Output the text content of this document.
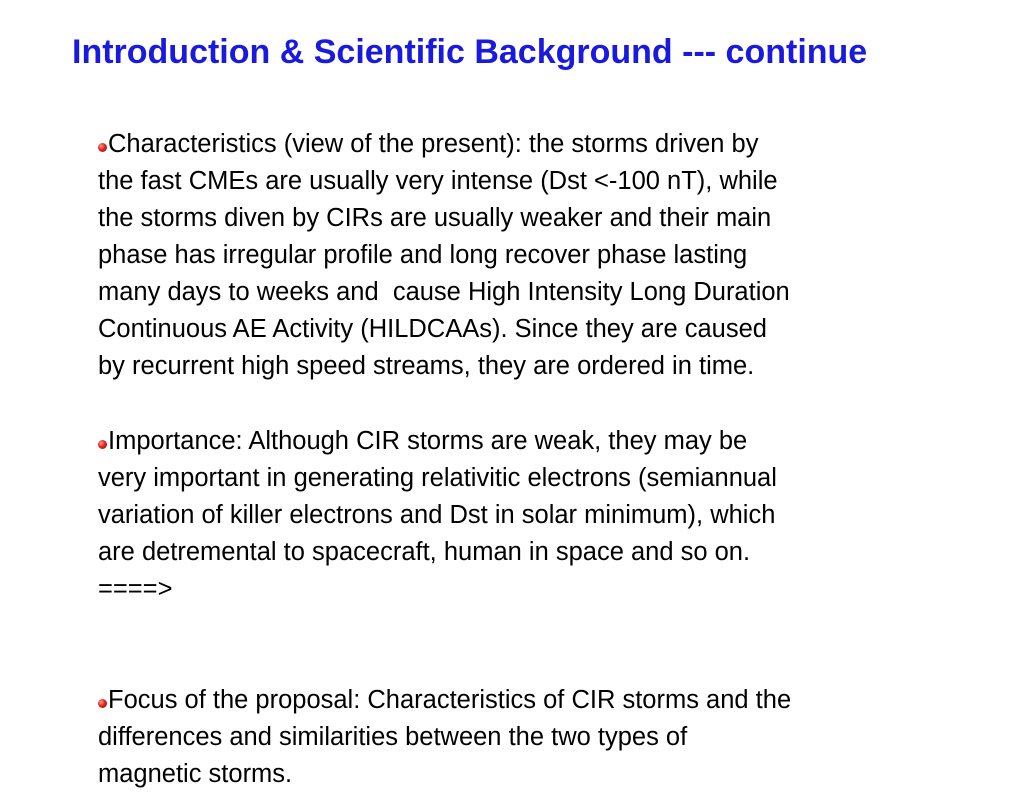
Introduction & Scientific Background --- continue
Characteristics (view of the present): the storms driven by
the fast CMEs are usually very intense (Dst <-100 nT), while
the storms diven by CIRs are usually weaker and their main
phase has irregular profile and long recover phase lasting
many days to weeks and  cause High Intensity Long Duration
Continuous AE Activity (HILDCAAs). Since they are caused
by recurrent high speed streams, they are ordered in time.
Importance: Although CIR storms are weak, they may be
very important in generating relativitic electrons (semiannual
variation of killer electrons and Dst in solar minimum), which
are detremental to spacecraft, human in space and so on.
====>
Focus of the proposal: Characteristics of CIR storms and the
differences and similarities between the two types of
magnetic storms.
